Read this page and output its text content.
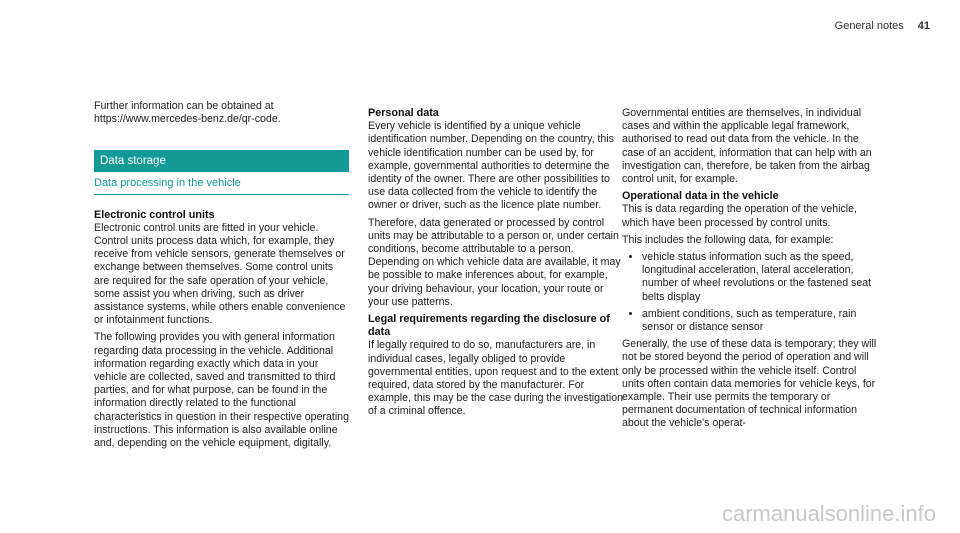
General notes 41

Further information can be obtained at https://www.mercedes-benz.de/qr-code.

Data storage
Data processing in the vehicle

Electronic control units

Electronic control units are fitted in your vehicle. Control units process data which, for example, they receive from vehicle sensors, generate themselves or exchange between themselves. Some control units are required for the safe operation of your vehicle, some assist you when driving, such as driver assistance systems, while others enable convenience or infotainment functions.

The following provides you with general information regarding data processing in the vehicle. Additional information regarding exactly which data in your vehicle are collected, saved and transmitted to third parties, and for what purpose, can be found in the information directly related to the functional characteristics in question in their respective operating instructions. This information is also available online and, depending on the vehicle equipment, digitally.

Personal data

Every vehicle is identified by a unique vehicle identification number. Depending on the country, this vehicle identification number can be used by, for example, governmental authorities to determine the identity of the owner. There are other possibilities to use data collected from the vehicle to identify the owner or driver, such as the licence plate number.

Therefore, data generated or processed by control units may be attributable to a person or, under certain conditions, become attributable to a person. Depending on which vehicle data are available, it may be possible to make inferences about, for example, your driving behaviour, your location, your route or your use patterns.

Legal requirements regarding the disclosure of data

If legally required to do so, manufacturers are, in individual cases, legally obliged to provide governmental entities, upon request and to the extent required, data stored by the manufacturer. For example, this may be the case during the investigation of a criminal offence.

Governmental entities are themselves, in individual cases and within the applicable legal framework, authorised to read out data from the vehicle. In the case of an accident, information that can help with an investigation can, therefore, be taken from the airbag control unit, for example.

Operational data in the vehicle

This is data regarding the operation of the vehicle, which have been processed by control units.

This includes the following data, for example:

• vehicle status information such as the speed, longitudinal acceleration, lateral acceleration, number of wheel revolutions or the fastened seat belts display
• ambient conditions, such as temperature, rain sensor or distance sensor

Generally, the use of these data is temporary; they will not be stored beyond the period of operation and will only be processed within the vehicle itself. Control units often contain data memories for vehicle keys, for example. Their use permits the temporary or permanent documentation of technical information about the vehicle's operat-

carmanualsonline.info
